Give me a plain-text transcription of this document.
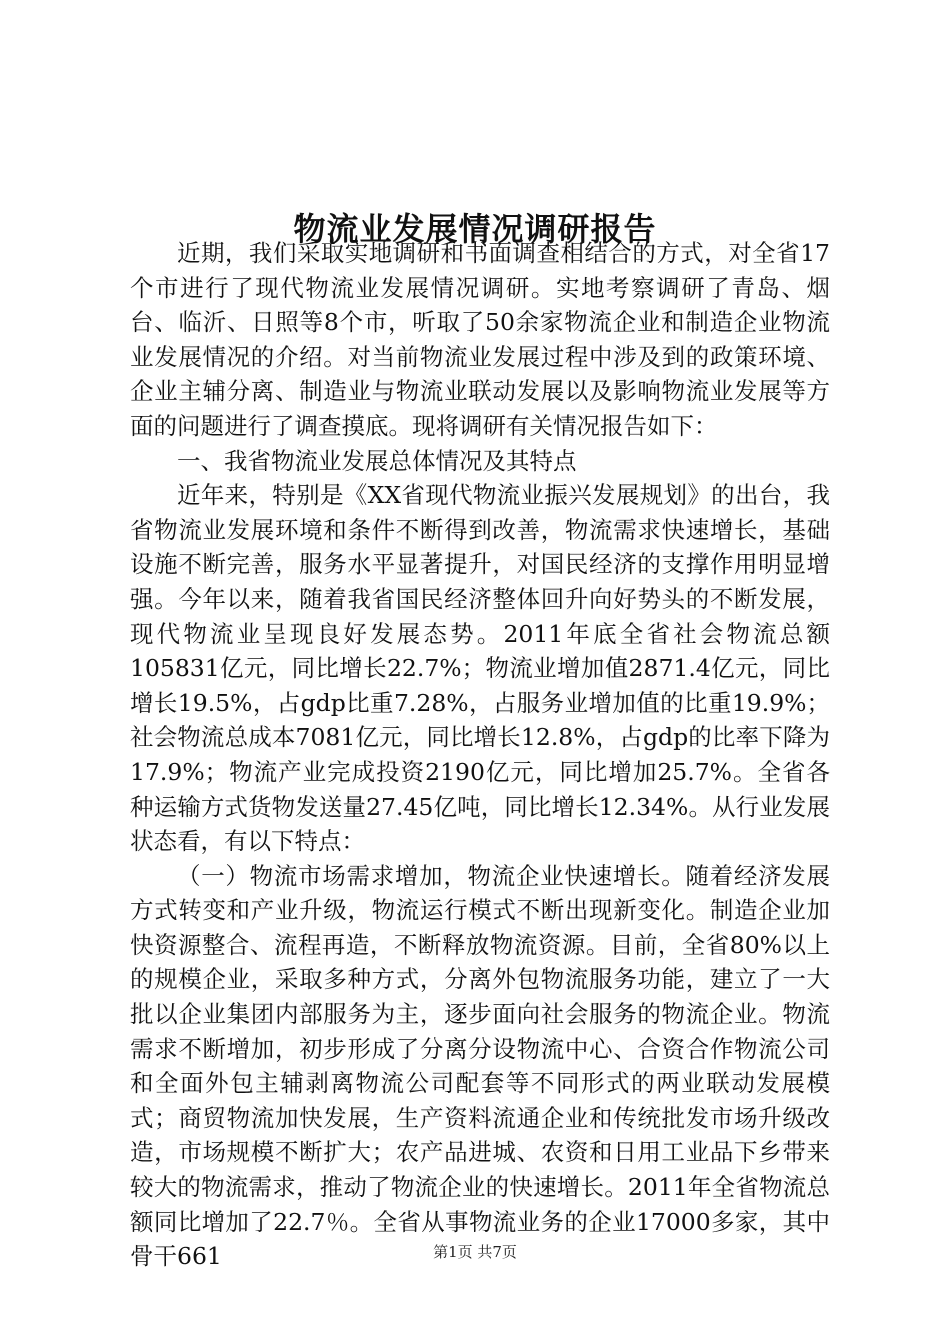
物流业发展情况调研报告

近期，我们采取实地调研和书面调查相结合的方式，对全省17个市进行了现代物流业发展情况调研。实地考察调研了青岛、烟台、临沂、日照等8个市，听取了50余家物流企业和制造企业物流业发展情况的介绍。对当前物流业发展过程中涉及到的政策环境、企业主辅分离、制造业与物流业联动发展以及影响物流业发展等方面的问题进行了调查摸底。现将调研有关情况报告如下：

一、我省物流业发展总体情况及其特点

近年来，特别是《XX省现代物流业振兴发展规划》的出台，我省物流业发展环境和条件不断得到改善，物流需求快速增长，基础设施不断完善，服务水平显著提升，对国民经济的支撑作用明显增强。今年以来，随着我省国民经济整体回升向好势头的不断发展，现代物流业呈现良好发展态势。2011年底全省社会物流总额105831亿元，同比增长22.7%；物流业增加值2871.4亿元，同比增长19.5%，占gdp比重7.28%，占服务业增加值的比重19.9%；社会物流总成本7081亿元，同比增长12.8%，占gdp的比率下降为17.9%；物流产业完成投资2190亿元，同比增加25.7%。全省各种运输方式货物发送量27.45亿吨，同比增长12.34%。从行业发展状态看，有以下特点：

（一）物流市场需求增加，物流企业快速增长。随着经济发展方式转变和产业升级，物流运行模式不断出现新变化。制造企业加快资源整合、流程再造，不断释放物流资源。目前，全省80%以上的规模企业，采取多种方式，分离外包物流服务功能，建立了一大批以企业集团内部服务为主，逐步面向社会服务的物流企业。物流需求不断增加，初步形成了分离分设物流中心、合资合作物流公司和全面外包主辅剥离物流公司配套等不同形式的两业联动发展模式；商贸物流加快发展，生产资料流通企业和传统批发市场升级改造，市场规模不断扩大；农产品进城、农资和日用工业品下乡带来较大的物流需求，推动了物流企业的快速增长。2011年全省物流总额同比增加了22.7％。全省从事物流业务的企业17000多家，其中骨干661	第1页 共7页
